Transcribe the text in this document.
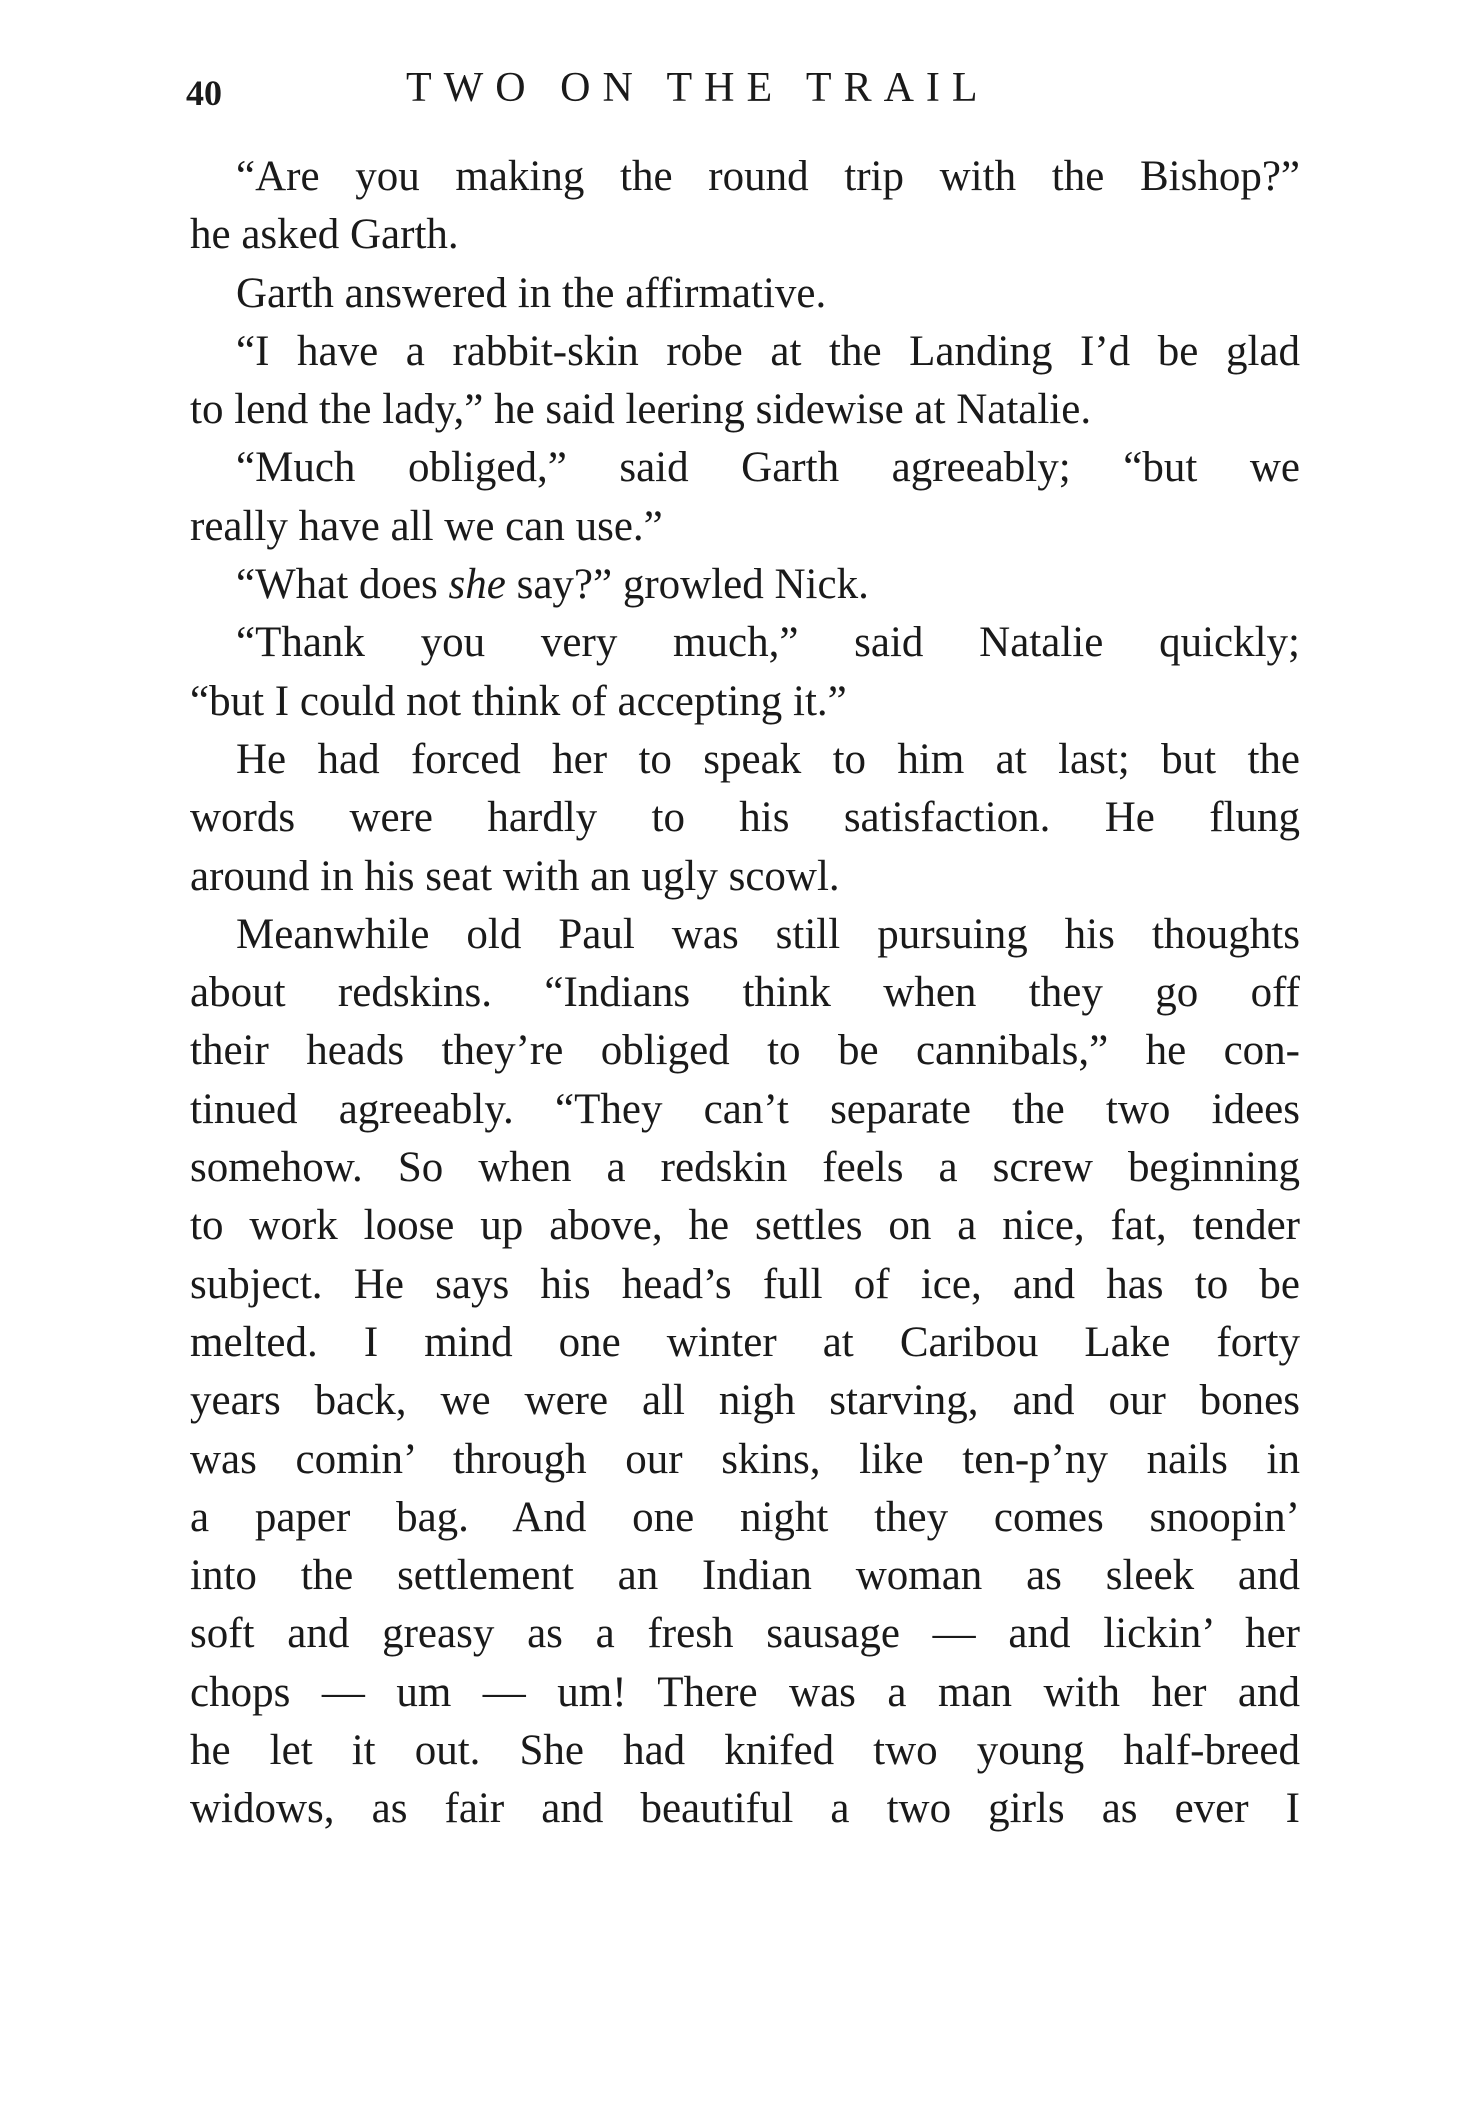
40	TWO ON THE TRAIL
“Are you making the round trip with the Bishop?”
he asked Garth.
Garth answered in the affirmative.
“I have a rabbit-skin robe at the Landing I’d be glad
to lend the lady,” he said leering sidewise at Natalie.
“Much obliged,” said Garth agreeably; “but we
really have all we can use.”
“What does she say?” growled Nick.
“Thank you very much,” said Natalie quickly;
“but I could not think of accepting it.”
He had forced her to speak to him at last; but the
words were hardly to his satisfaction. He flung
around in his seat with an ugly scowl.
Meanwhile old Paul was still pursuing his thoughts
about redskins. “Indians think when they go off
their heads they’re obliged to be cannibals,” he con-
tinued agreeably. “They can’t separate the two idees
somehow. So when a redskin feels a screw beginning
to work loose up above, he settles on a nice, fat, tender
subject. He says his head’s full of ice, and has to be
melted. I mind one winter at Caribou Lake forty
years back, we were all nigh starving, and our bones
was comin’ through our skins, like ten-p’ny nails in
a paper bag. And one night they comes snoopin’
into the settlement an Indian woman as sleek and
soft and greasy as a fresh sausage — and lickin’ her
chops — um — um! There was a man with her and
he let it out. She had knifed two young half-breed
widows, as fair and beautiful a two girls as ever I
